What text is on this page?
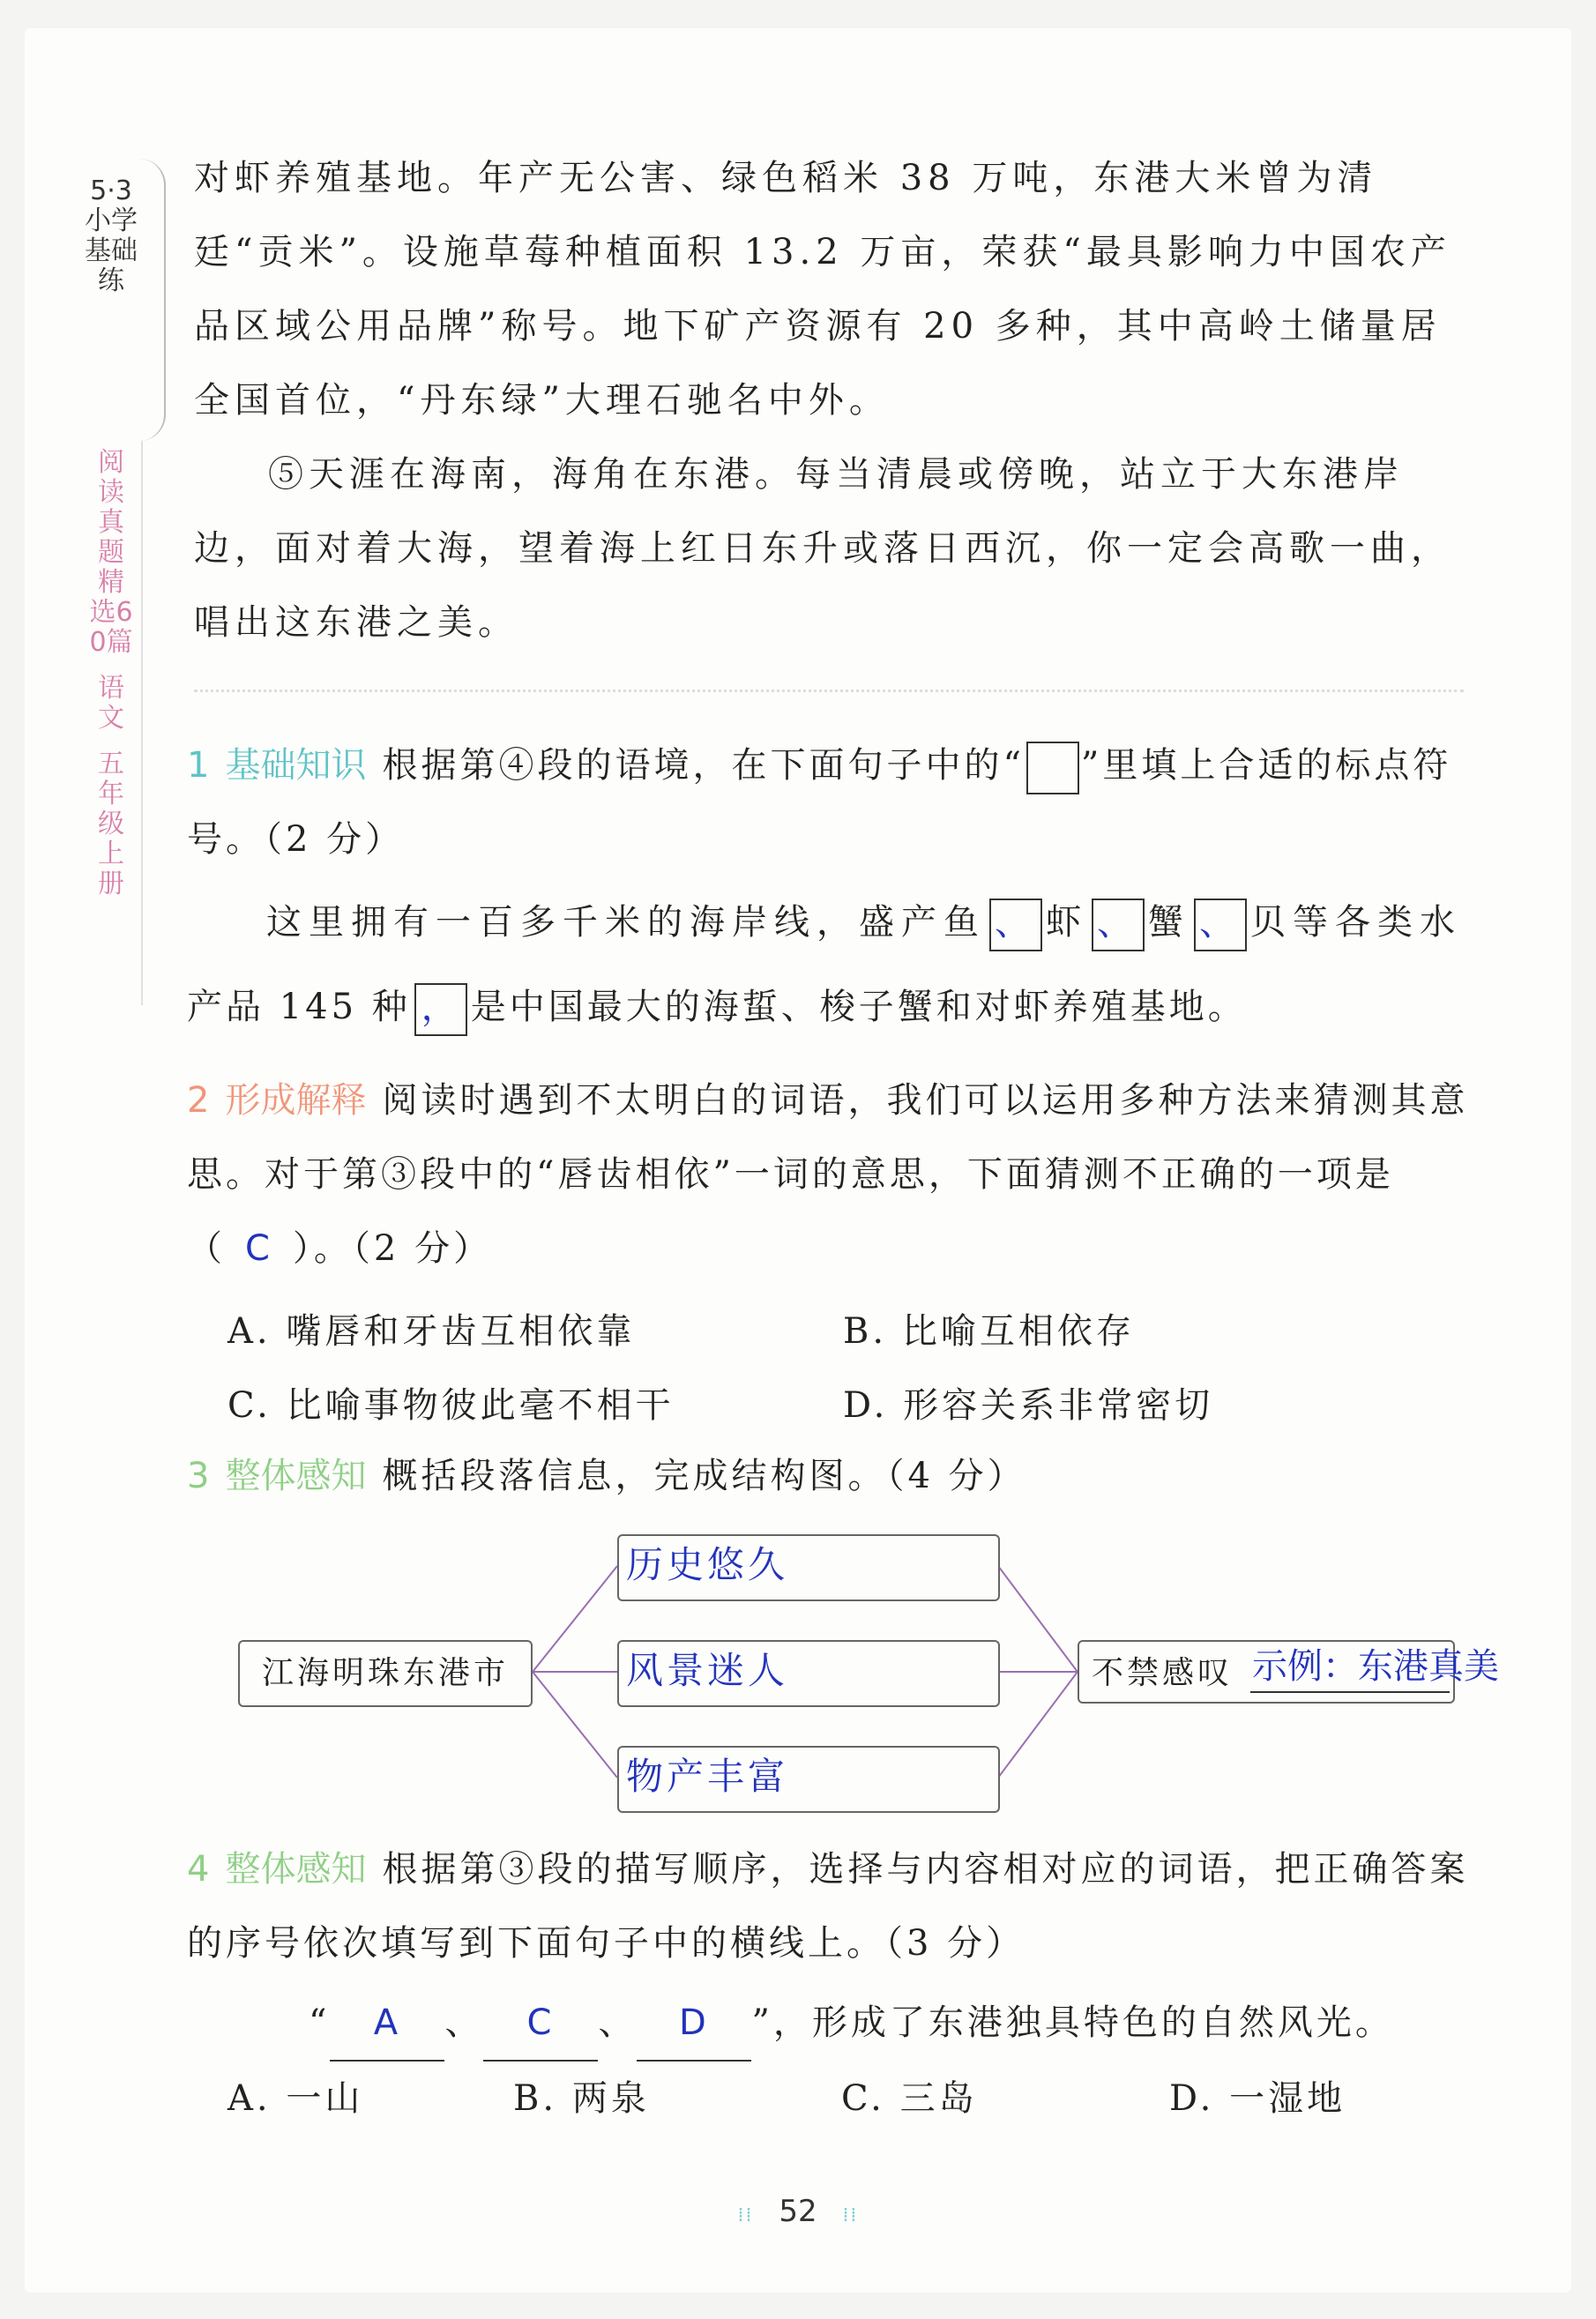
5·3小学基础练
阅读真题精选60篇
语文
五年级上册
对虾养殖基地。年产无公害、绿色稻米 38 万吨，东港大米曾为清廷“贡米”。设施草莓种植面积 13.2 万亩，荣获“最具影响力中国农产品区域公用品牌”称号。地下矿产资源有 20 多种，其中高岭土储量居全国首位，“丹东绿”大理石驰名中外。
⑤天涯在海南，海角在东港。每当清晨或傍晚，站立于大东港岸边，面对着大海，望着海上红日东升或落日西沉，你一定会高歌一曲，唱出这东港之美。
1 基础知识 根据第④段的语境，在下面句子中的“ ”里填上合适的标点符号。（2 分）
这里拥有一百多千米的海岸线，盛产鱼 、 虾 、 蟹 、 贝等各类水
产品 145 种 ， 是中国最大的海蜇、梭子蟹和对虾养殖基地。
2 形成解释 阅读时遇到不太明白的词语，我们可以运用多种方法来猜测其意思。对于第③段中的“唇齿相依”一词的意思，下面猜测不正确的一项是（ C ）。（2 分）
A. 嘴唇和牙齿互相依靠	B. 比喻互相依存
C. 比喻事物彼此毫不相干	D. 形容关系非常密切
3 整体感知 概括段落信息，完成结构图。（4 分）
江海明珠东港市
历史悠久
风景迷人
物产丰富
不禁感叹 示例：东港真美
4 整体感知 根据第③段的描写顺序，选择与内容相对应的词语，把正确答案的序号依次填写到下面句子中的横线上。（3 分）
“ A 、 C 、 D ”，形成了东港独具特色的自然风光。
A. 一山	B. 两泉	C. 三岛	D. 一湿地
⁞⁞ 52 ⁞⁞
